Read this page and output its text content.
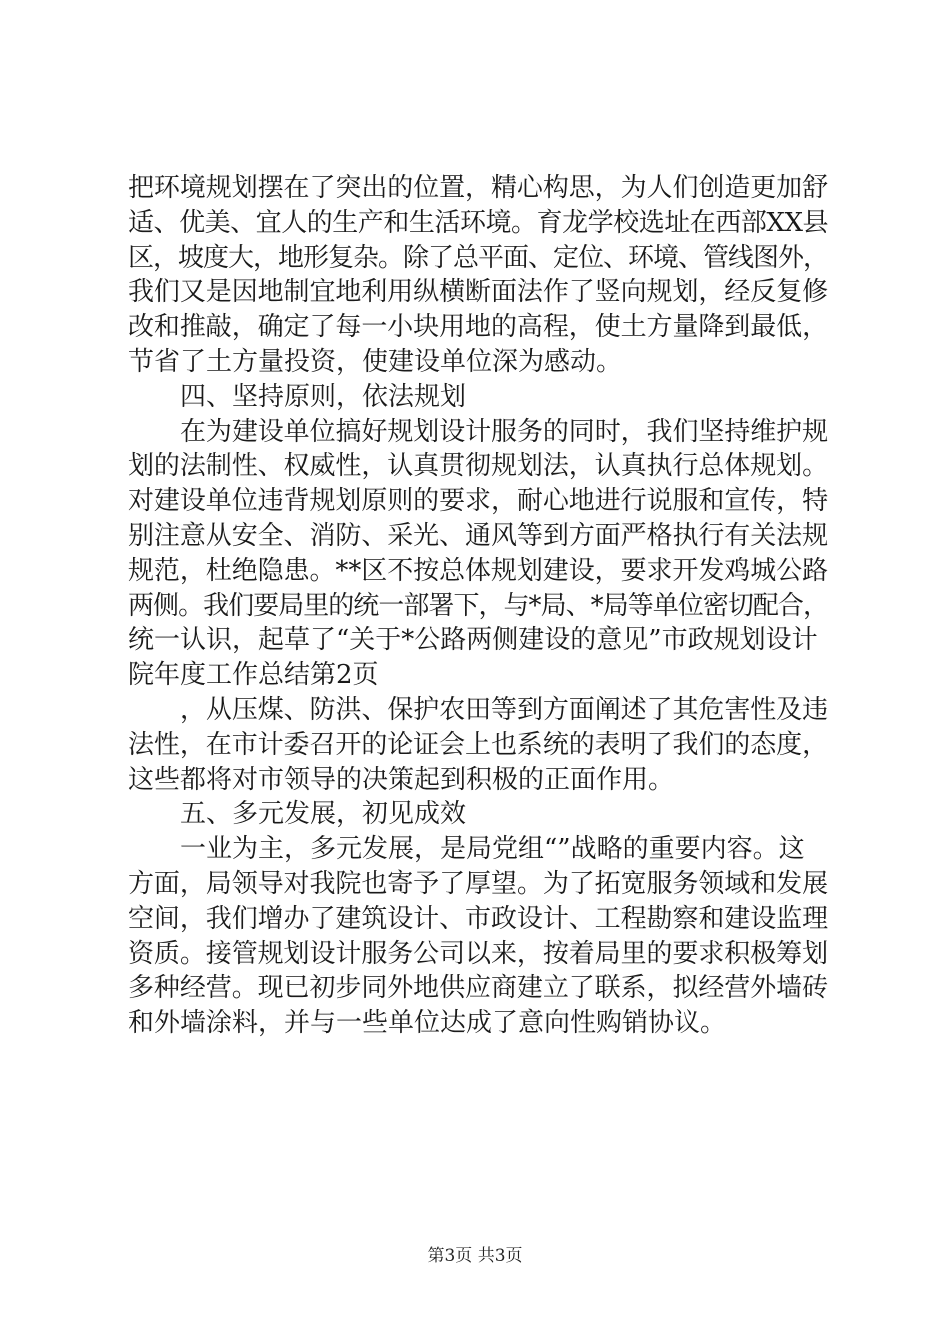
把环境规划摆在了突出的位置，精心构思，为人们创造更加舒
适、优美、宜人的生产和生活环境。育龙学校选址在西部XX县
区，坡度大，地形复杂。除了总平面、定位、环境、管线图外，
我们又是因地制宜地利用纵横断面法作了竖向规划，经反复修
改和推敲，确定了每一小块用地的高程，使土方量降到最低，
节省了土方量投资，使建设单位深为感动。
四、坚持原则，依法规划
在为建设单位搞好规划设计服务的同时，我们坚持维护规
划的法制性、权威性，认真贯彻规划法，认真执行总体规划。
对建设单位违背规划原则的要求，耐心地进行说服和宣传，特
别注意从安全、消防、采光、通风等到方面严格执行有关法规
规范，杜绝隐患。**区不按总体规划建设，要求开发鸡城公路
两侧。我们要局里的统一部署下，与*局、*局等单位密切配合，
统一认识，起草了“关于*公路两侧建设的意见”市政规划设计
院年度工作总结第2页
，从压煤、防洪、保护农田等到方面阐述了其危害性及违
法性，在市计委召开的论证会上也系统的表明了我们的态度，
这些都将对市领导的决策起到积极的正面作用。
五、多元发展，初见成效
一业为主，多元发展，是局党组“”战略的重要内容。这
方面，局领导对我院也寄予了厚望。为了拓宽服务领域和发展
空间，我们增办了建筑设计、市政设计、工程勘察和建设监理
资质。接管规划设计服务公司以来，按着局里的要求积极筹划
多种经营。现已初步同外地供应商建立了联系，拟经营外墙砖
和外墙涂料，并与一些单位达成了意向性购销协议。
第3页 共3页
